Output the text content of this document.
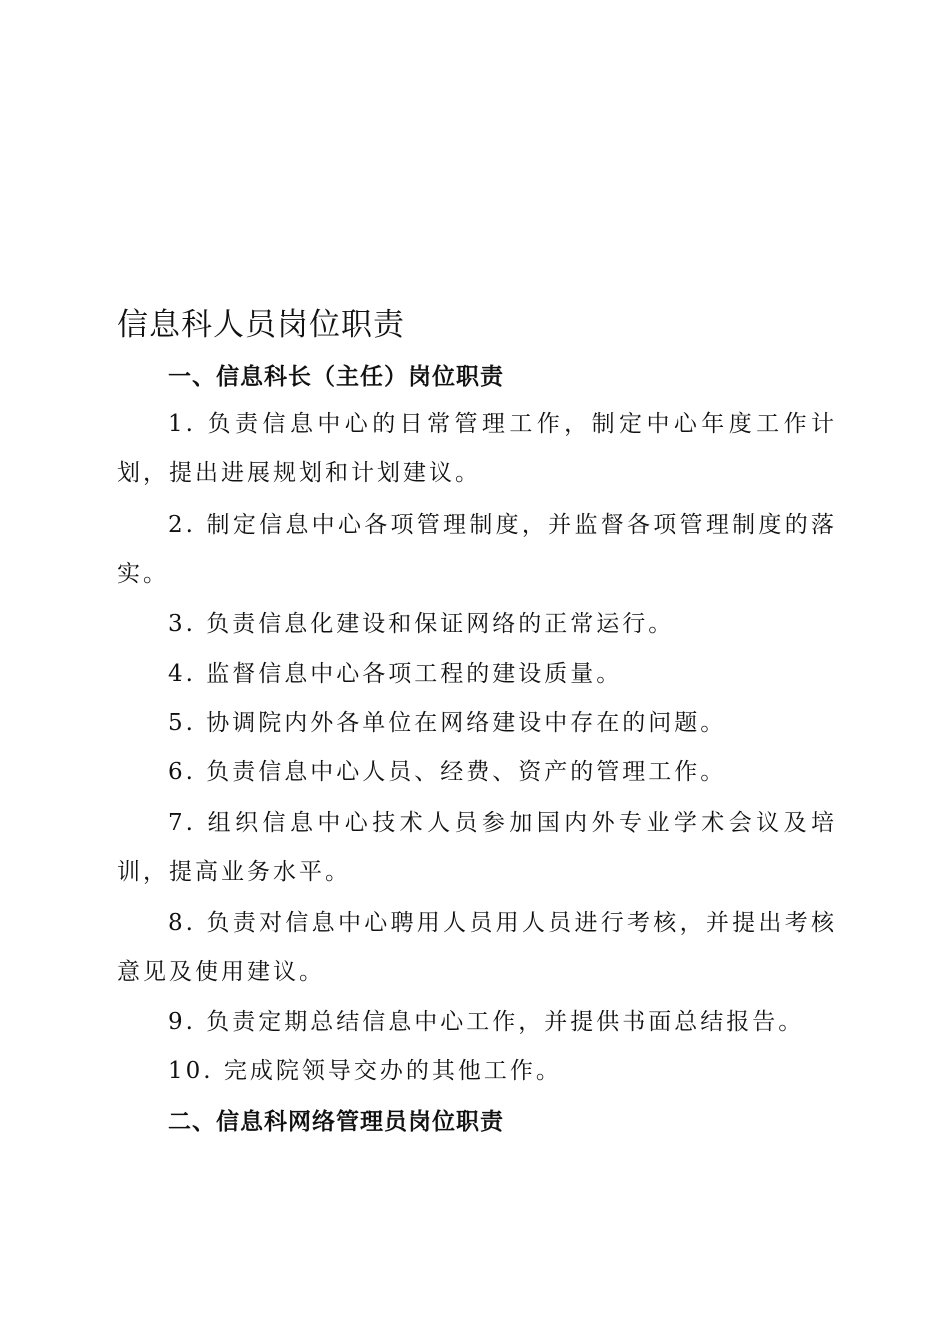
信息科人员岗位职责
一、信息科长（主任）岗位职责

1. 负责信息中心的日常管理工作，制定中心年度工作计划，提出进展规划和计划建议。

2. 制定信息中心各项管理制度，并监督各项管理制度的落实。

3. 负责信息化建设和保证网络的正常运行。

4. 监督信息中心各项工程的建设质量。

5. 协调院内外各单位在网络建设中存在的问题。

6. 负责信息中心人员、经费、资产的管理工作。

7. 组织信息中心技术人员参加国内外专业学术会议及培训，提高业务水平。

8. 负责对信息中心聘用人员用人员进行考核，并提出考核意见及使用建议。

9. 负责定期总结信息中心工作，并提供书面总结报告。

10. 完成院领导交办的其他工作。

二、信息科网络管理员岗位职责
